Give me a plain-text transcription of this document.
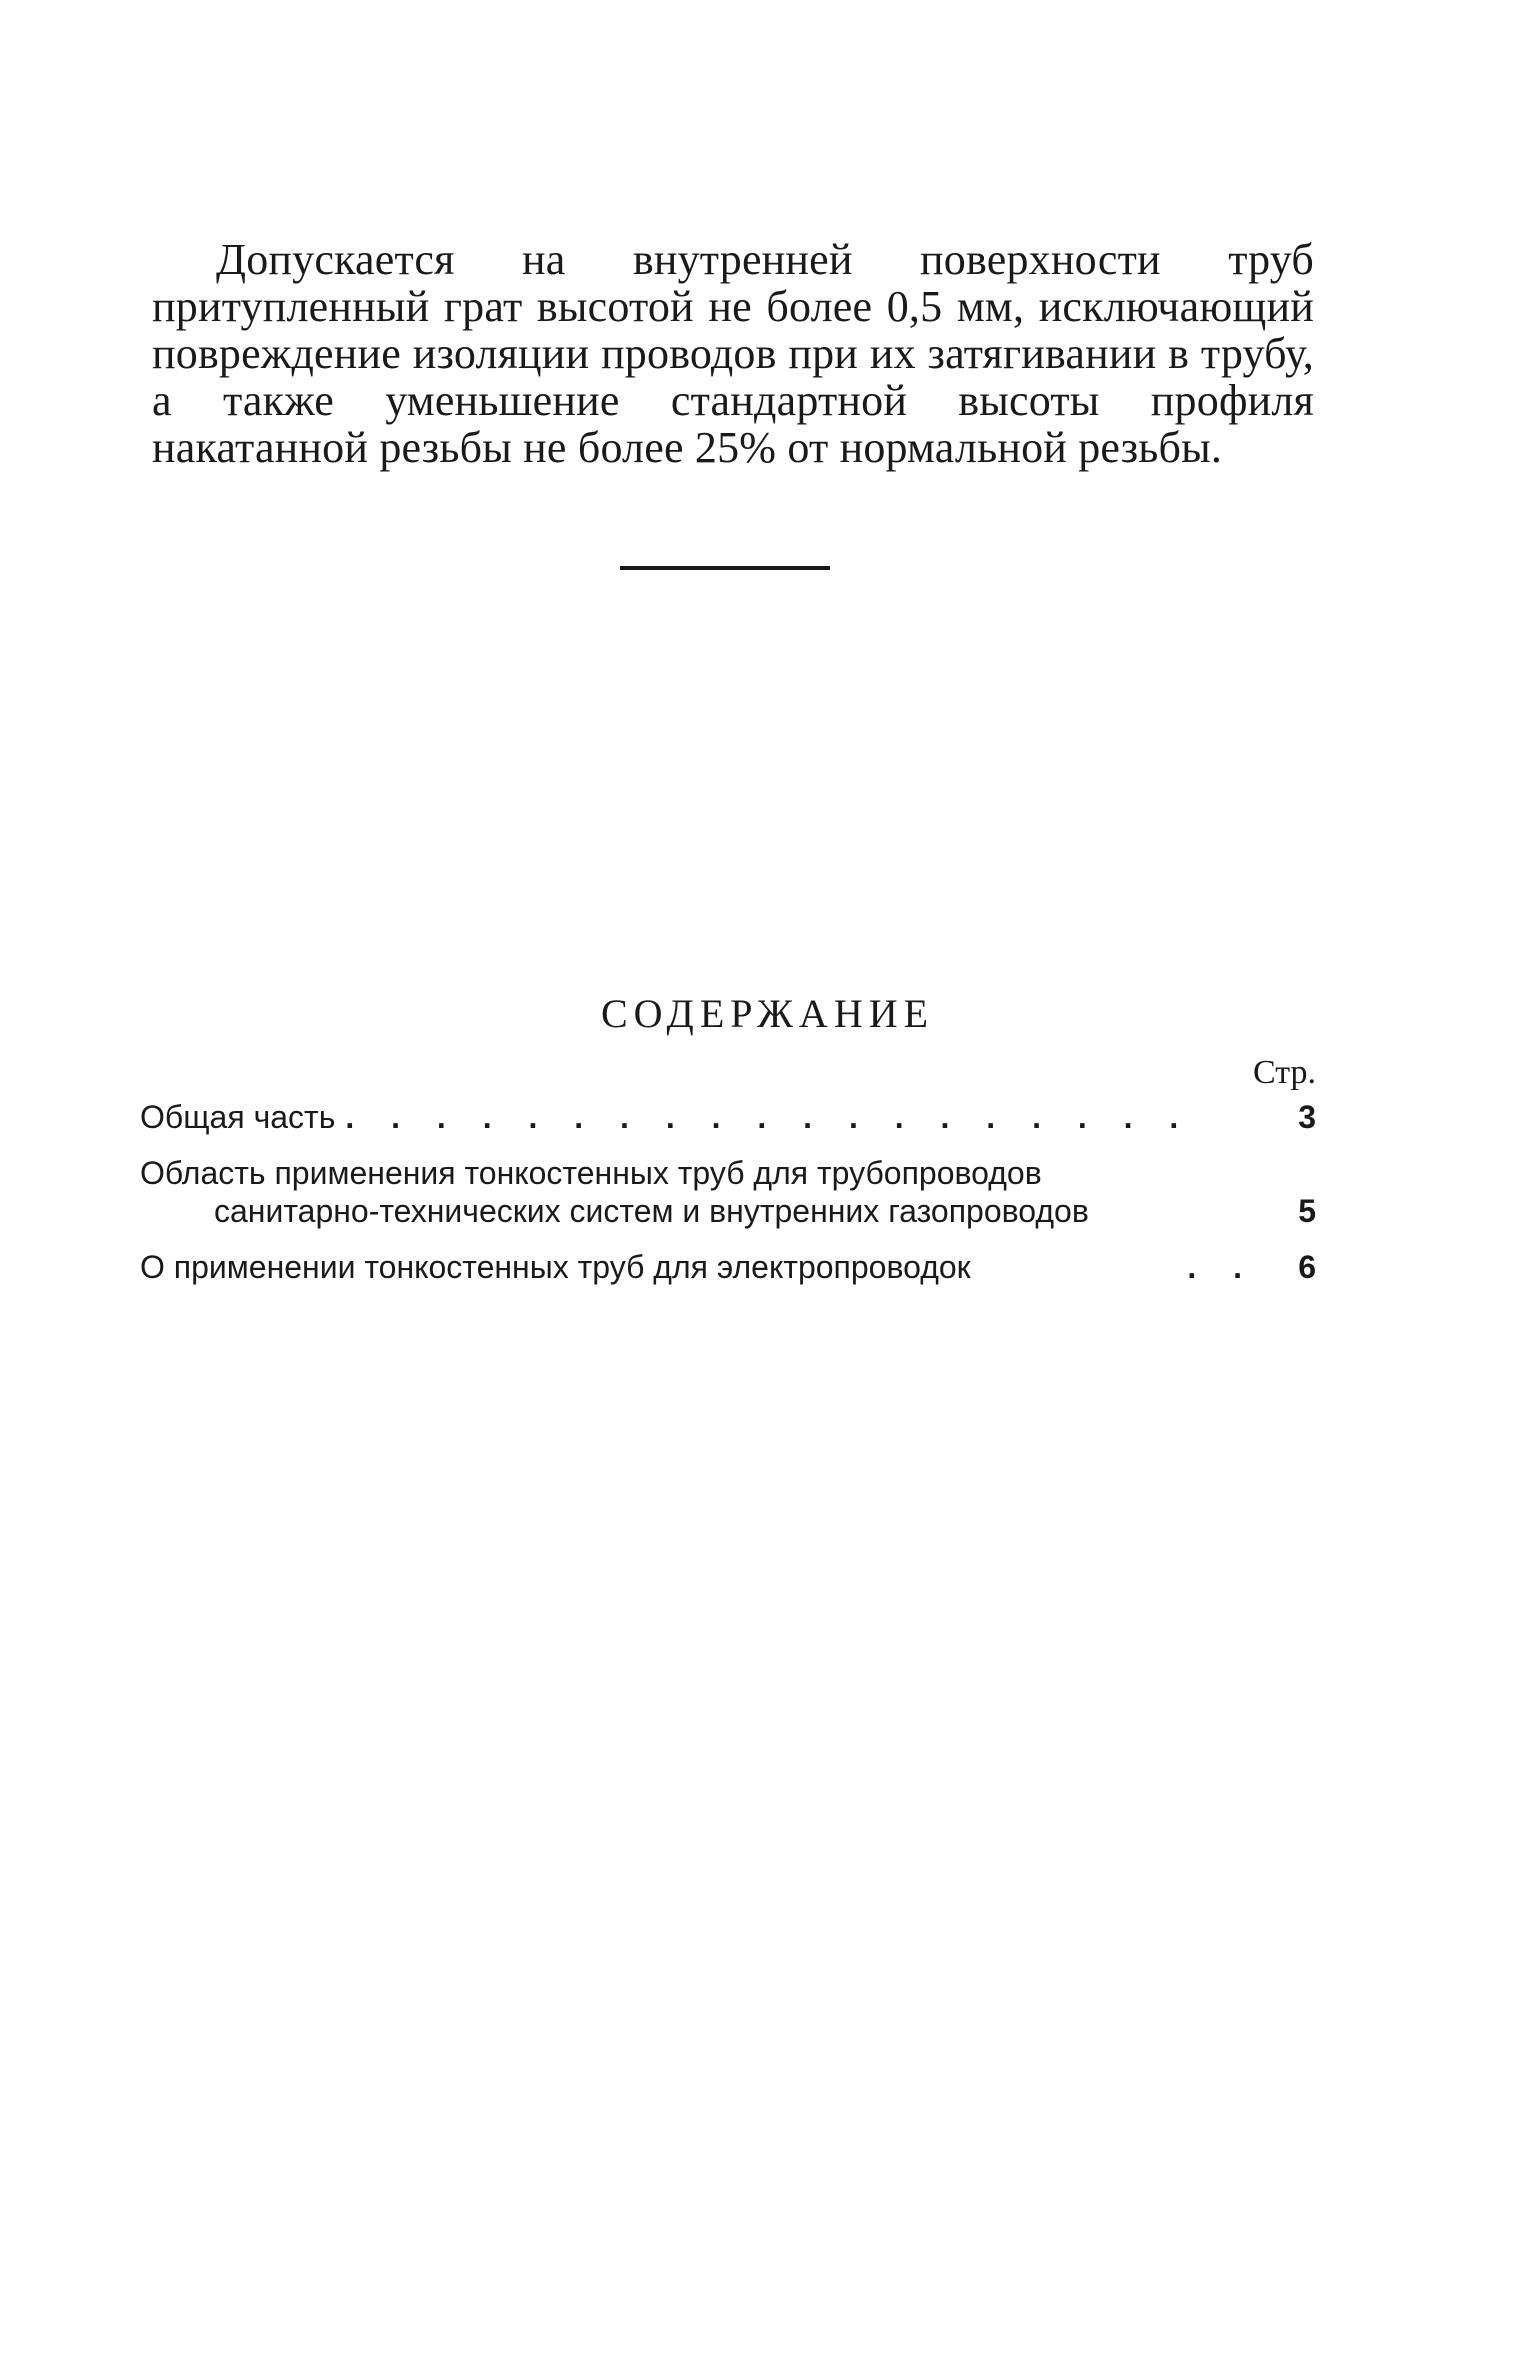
Допускается на внутренней поверхности труб притупленный грат высотой не более 0,5 мм, исключающий повреждение изоляции проводов при их затягивании в трубу, а также уменьшение стандартной высоты профиля накатанной резьбы не более 25% от нормальной резьбы.

СОДЕРЖАНИЕ
Стр.
Общая часть . . . . . . . . . . . . . . . . . . .	3
Область применения тонкостенных труб для трубопроводов
санитарно-технических систем и внутренних газопроводов	5
О применении тонкостенных труб для электропроводок	. .	6
